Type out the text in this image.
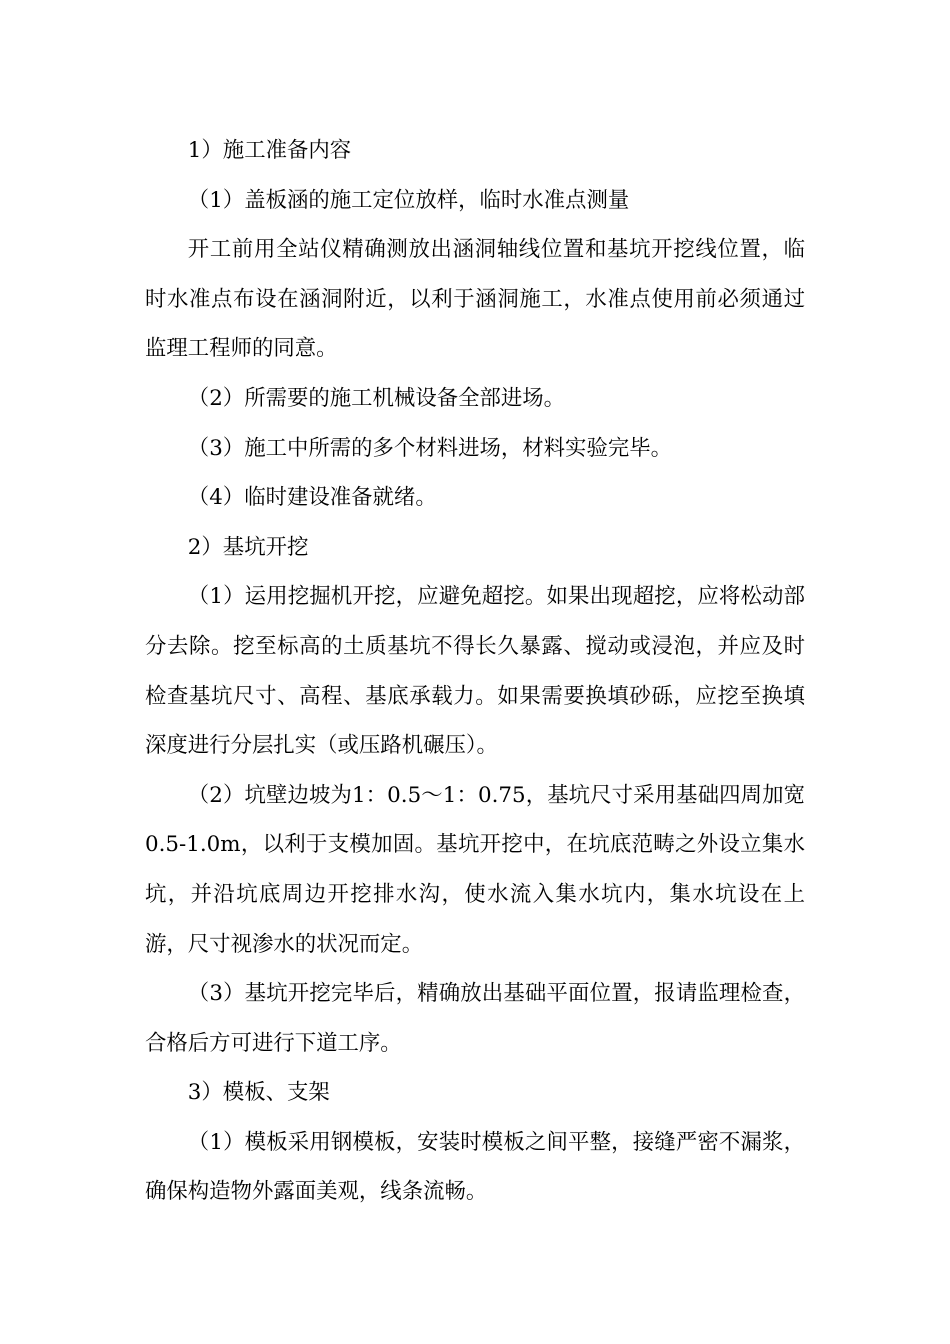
1）施工准备内容

（1）盖板涵的施工定位放样，临时水准点测量

开工前用全站仪精确测放出涵洞轴线位置和基坑开挖线位置，临时水准点布设在涵洞附近，以利于涵洞施工，水准点使用前必须通过监理工程师的同意。

（2）所需要的施工机械设备全部进场。

（3）施工中所需的多个材料进场，材料实验完毕。

（4）临时建设准备就绪。

2）基坑开挖

（1）运用挖掘机开挖，应避免超挖。如果出现超挖，应将松动部分去除。挖至标高的土质基坑不得长久暴露、搅动或浸泡，并应及时检查基坑尺寸、高程、基底承载力。如果需要换填砂砾，应挖至换填深度进行分层扎实（或压路机碾压）。

（2）坑壁边坡为1：0.5～1：0.75，基坑尺寸采用基础四周加宽0.5-1.0m，以利于支模加固。基坑开挖中，在坑底范畴之外设立集水坑，并沿坑底周边开挖排水沟，使水流入集水坑内，集水坑设在上游，尺寸视渗水的状况而定。

（3）基坑开挖完毕后，精确放出基础平面位置，报请监理检查，合格后方可进行下道工序。

3）模板、支架

（1）模板采用钢模板，安装时模板之间平整，接缝严密不漏浆，确保构造物外露面美观，线条流畅。
